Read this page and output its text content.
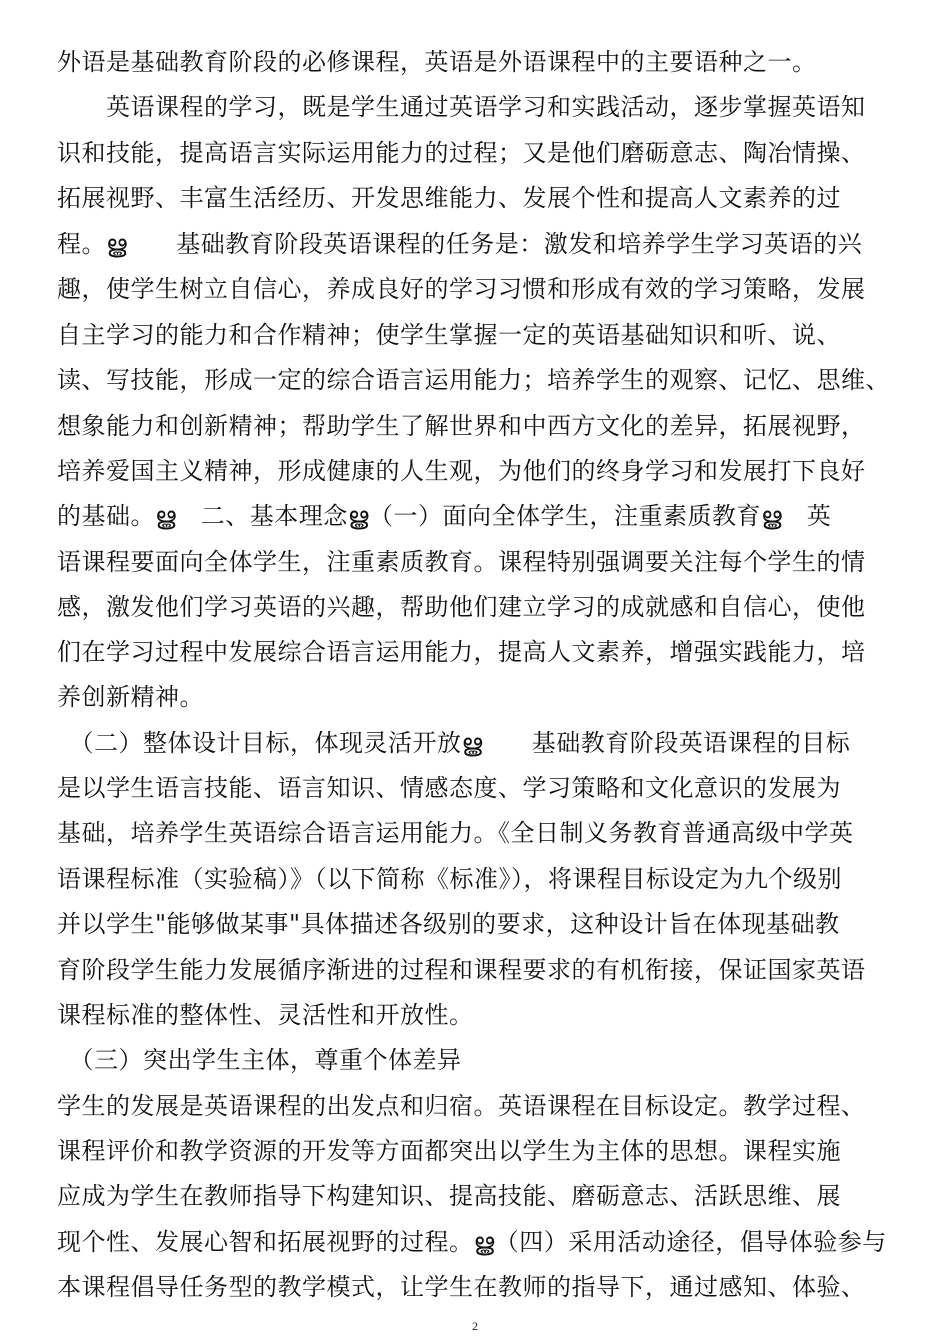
外语是基础教育阶段的必修课程，英语是外语课程中的主要语种之一。
　　英语课程的学习，既是学生通过英语学习和实践活动，逐步掌握英语知
识和技能，提高语言实际运用能力的过程；又是他们磨砺意志、陶冶情操、
拓展视野、丰富生活经历、开发思维能力、发展个性和提高人文素养的过
程。ൠ　　基础教育阶段英语课程的任务是：激发和培养学生学习英语的兴
趣，使学生树立自信心，养成良好的学习习惯和形成有效的学习策略，发展
自主学习的能力和合作精神；使学生掌握一定的英语基础知识和听、说、
读、写技能，形成一定的综合语言运用能力；培养学生的观察、记忆、思维、
想象能力和创新精神；帮助学生了解世界和中西方文化的差异，拓展视野，
培养爱国主义精神，形成健康的人生观，为他们的终身学习和发展打下良好
的基础。ൠ　二、基本理念ൠ（一）面向全体学生，注重素质教育ൠ　英
语课程要面向全体学生，注重素质教育。课程特别强调要关注每个学生的情
感，激发他们学习英语的兴趣，帮助他们建立学习的成就感和自信心，使他
们在学习过程中发展综合语言运用能力，提高人文素养，增强实践能力，培
养创新精神。
　（二）整体设计目标，体现灵活开放ൠ　　基础教育阶段英语课程的目标
是以学生语言技能、语言知识、情感态度、学习策略和文化意识的发展为
基础，培养学生英语综合语言运用能力。《全日制义务教育普通高级中学英
语课程标准（实验稿）》（以下简称《标准》），将课程目标设定为九个级别
并以学生"能够做某事"具体描述各级别的要求，这种设计旨在体现基础教
育阶段学生能力发展循序渐进的过程和课程要求的有机衔接，保证国家英语
课程标准的整体性、灵活性和开放性。
　（三）突出学生主体，尊重个体差异
学生的发展是英语课程的出发点和归宿。英语课程在目标设定。教学过程、
课程评价和教学资源的开发等方面都突出以学生为主体的思想。课程实施
应成为学生在教师指导下构建知识、提高技能、磨砺意志、活跃思维、展
现个性、发展心智和拓展视野的过程。ൠ（四）采用活动途径，倡导体验参与
本课程倡导任务型的教学模式，让学生在教师的指导下，通过感知、体验、
2
